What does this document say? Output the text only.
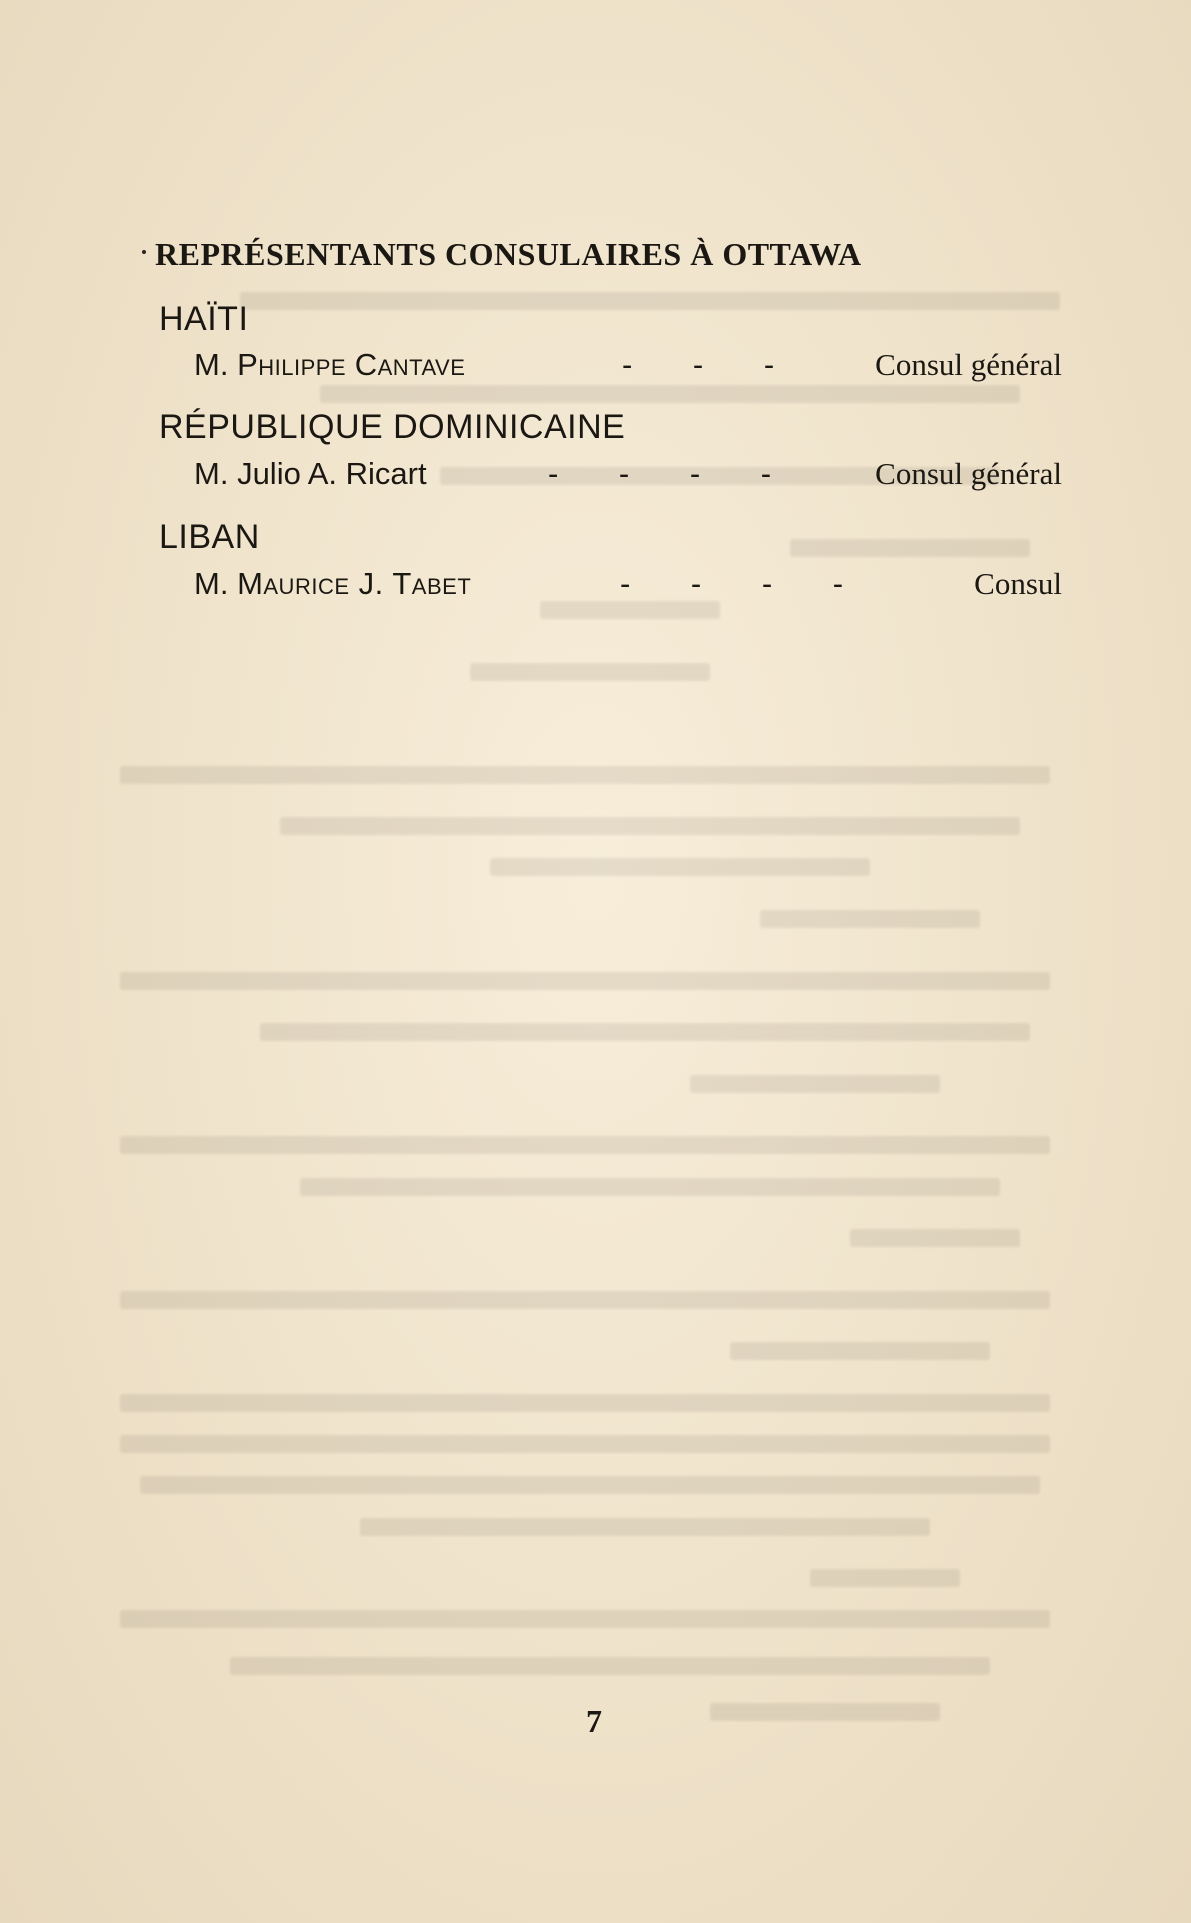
REPRÉSENTANTS CONSULAIRES À OTTAWA
HAÏTI
M. Philippe Cantave	- - - Consul général
RÉPUBLIQUE DOMINICAINE
M. Julio A. Ricart	- - - -	Consul général
LIBAN
M. Maurice J. Tabet	- - - -	Consul
7
